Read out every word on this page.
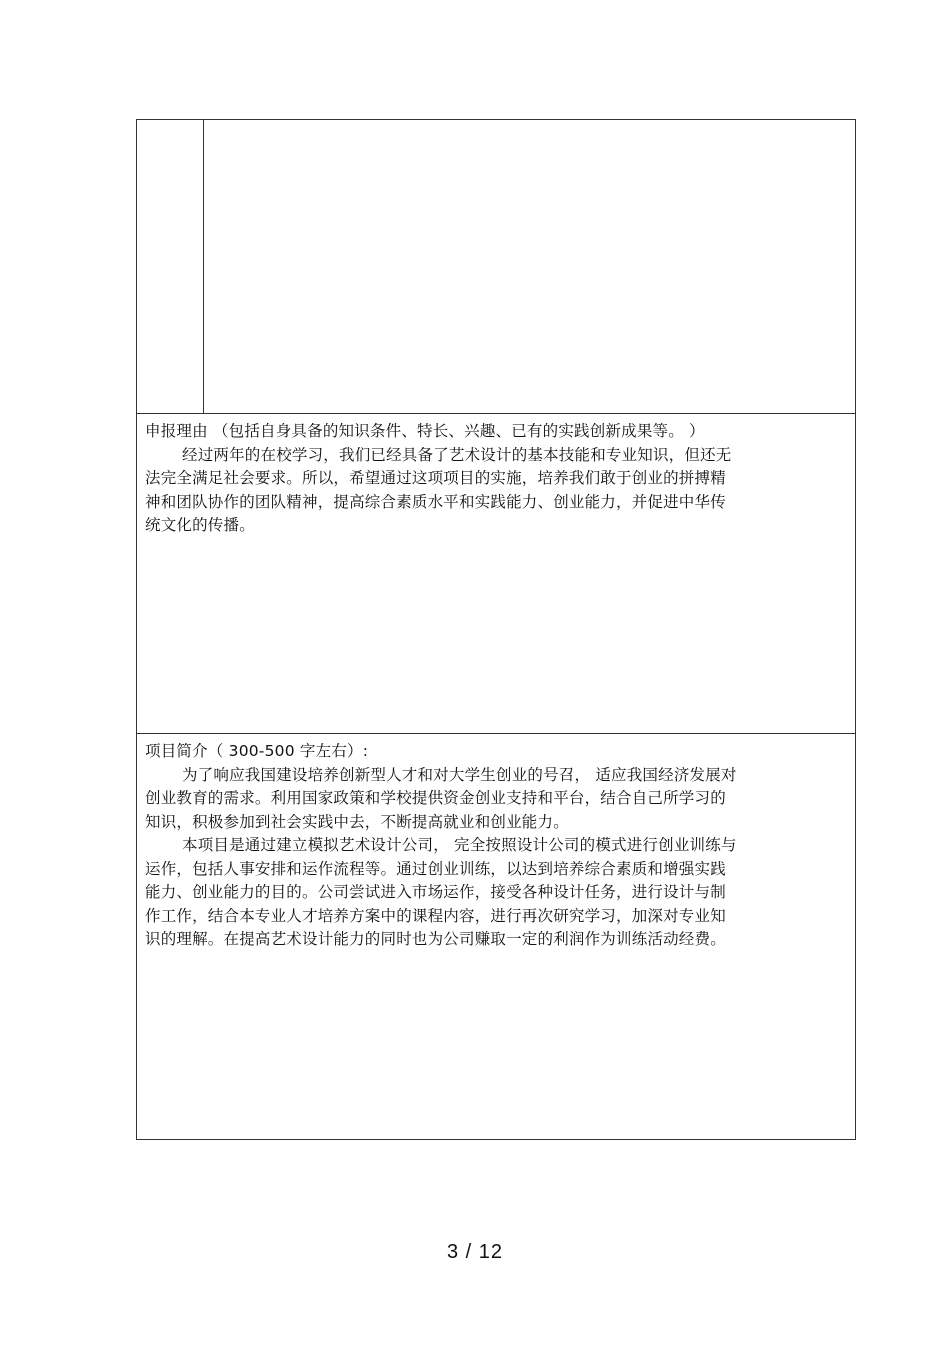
申报理由 （包括自身具备的知识条件、特长、兴趣、已有的实践创新成果等。 ）
经过两年的在校学习，我们已经具备了艺术设计的基本技能和专业知识，但还无
法完全满足社会要求。所以，希望通过这项项目的实施，培养我们敢于创业的拼搏精
神和团队协作的团队精神，提高综合素质水平和实践能力、创业能力，并促进中华传
统文化的传播。
项目简介（ 300-500 字左右）:
为了响应我国建设培养创新型人才和对大学生创业的号召， 适应我国经济发展对
创业教育的需求。利用国家政策和学校提供资金创业支持和平台，结合自己所学习的
知识，积极参加到社会实践中去，不断提高就业和创业能力。
本项目是通过建立模拟艺术设计公司， 完全按照设计公司的模式进行创业训练与
运作，包括人事安排和运作流程等。通过创业训练，以达到培养综合素质和增强实践
能力、创业能力的目的。公司尝试进入市场运作，接受各种设计任务，进行设计与制
作工作，结合本专业人才培养方案中的课程内容，进行再次研究学习，加深对专业知
识的理解。在提高艺术设计能力的同时也为公司赚取一定的利润作为训练活动经费。
3 / 12
